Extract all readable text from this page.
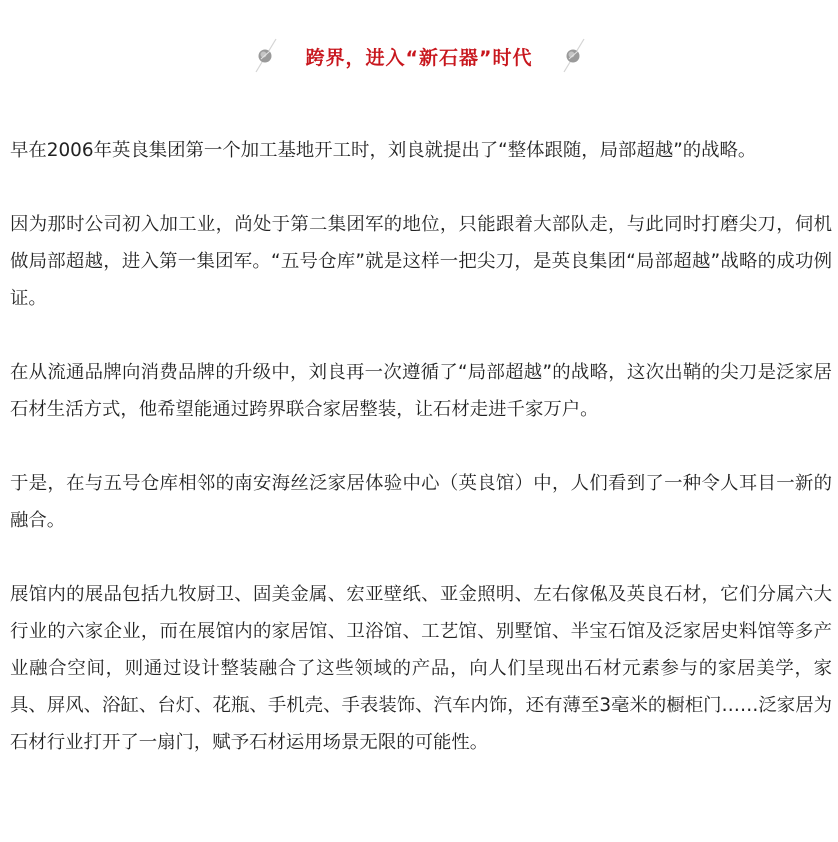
跨界，进入“新石器”时代

早在2006年英良集团第一个加工基地开工时，刘良就提出了“整体跟随，局部超越”的战略。

因为那时公司初入加工业，尚处于第二集团军的地位，只能跟着大部队走，与此同时打磨尖刀，伺机做局部超越，进入第一集团军。“五号仓库”就是这样一把尖刀，是英良集团“局部超越”战略的成功例证。

在从流通品牌向消费品牌的升级中，刘良再一次遵循了“局部超越”的战略，这次出鞘的尖刀是泛家居石材生活方式，他希望能通过跨界联合家居整装，让石材走进千家万户。

于是，在与五号仓库相邻的南安海丝泛家居体验中心（英良馆）中，人们看到了一种令人耳目一新的融合。

展馆内的展品包括九牧厨卫、固美金属、宏亚壁纸、亚金照明、左右傢俬及英良石材，它们分属六大行业的六家企业，而在展馆内的家居馆、卫浴馆、工艺馆、别墅馆、半宝石馆及泛家居史料馆等多产业融合空间，则通过设计整装融合了这些领域的产品，向人们呈现出石材元素参与的家居美学，家具、屏风、浴缸、台灯、花瓶、手机壳、手表装饰、汽车内饰，还有薄至3毫米的橱柜门……泛家居为石材行业打开了一扇门，赋予石材运用场景无限的可能性。
